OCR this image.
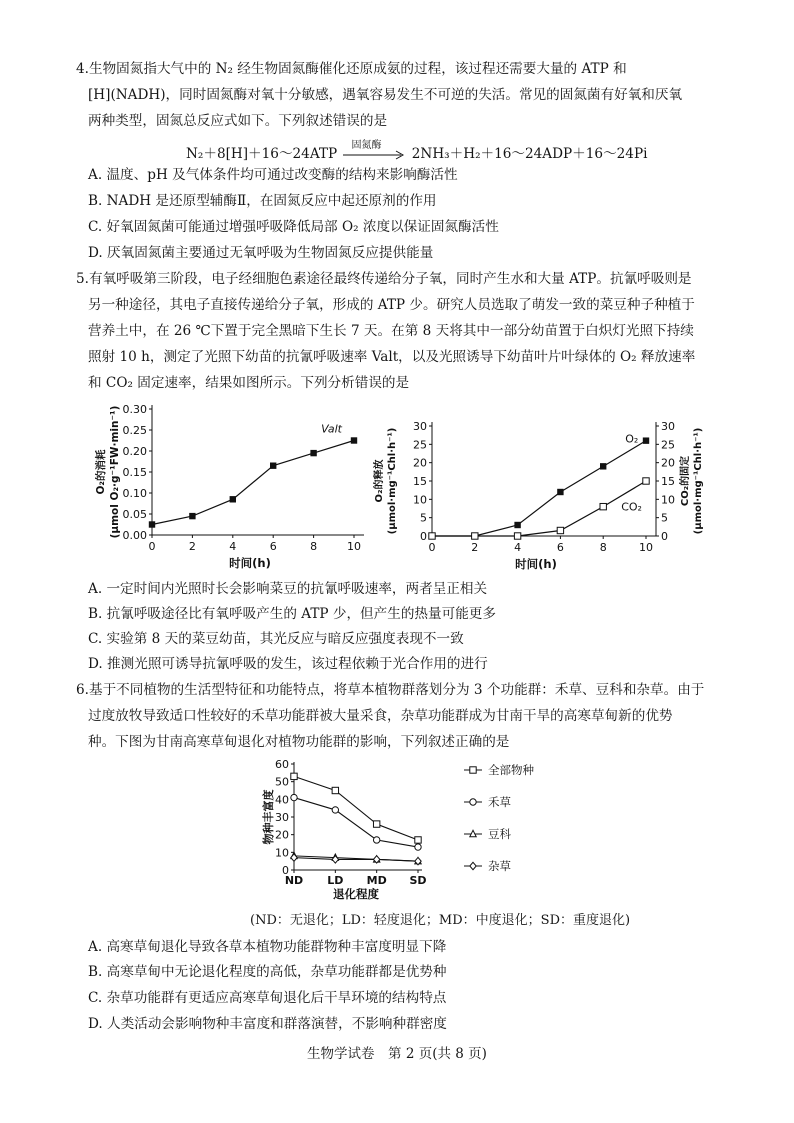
4.生物固氮指大气中的 N₂ 经生物固氮酶催化还原成氨的过程，该过程还需要大量的 ATP 和
[H](NADH)，同时固氮酶对氧十分敏感，遇氧容易发生不可逆的失活。常见的固氮菌有好氧和厌氧
两种类型，固氮总反应式如下。下列叙述错误的是
N₂＋8[H]＋16～24ATP
固氮酶
2NH₃＋H₂＋16～24ADP＋16～24Pi
A. 温度、pH 及气体条件均可通过改变酶的结构来影响酶活性
B. NADH 是还原型辅酶Ⅱ，在固氮反应中起还原剂的作用
C. 好氧固氮菌可能通过增强呼吸降低局部 O₂ 浓度以保证固氮酶活性
D. 厌氧固氮菌主要通过无氧呼吸为生物固氮反应提供能量
5.有氧呼吸第三阶段，电子经细胞色素途径最终传递给分子氧，同时产生水和大量 ATP。抗氰呼吸则是
另一种途径，其电子直接传递给分子氧，形成的 ATP 少。研究人员选取了萌发一致的菜豆种子种植于
营养土中，在 26 ℃下置于完全黑暗下生长 7 天。在第 8 天将其中一部分幼苗置于白炽灯光照下持续
照射 10 h，测定了光照下幼苗的抗氰呼吸速率 Valt，以及光照诱导下幼苗叶片叶绿体的 O₂ 释放速率
和 CO₂ 固定速率，结果如图所示。下列分析错误的是
0.00
0.05
0.10
0.15
0.20
0.25
0.30
0	2	4	6	8	10
时间(h)
O₂的消耗 (μmol O₂·g⁻¹FW·min⁻¹)	Valt
0	0
5	5
10	10
15	15
20	20
25	25
30	30
0	2	4	6	8	10
时间(h)
O₂的释放 (μmol·mg⁻¹Chl·h⁻¹)	CO₂的固定 (μmol·mg⁻¹Chl·h⁻¹)
O₂
CO₂
A. 一定时间内光照时长会影响菜豆的抗氰呼吸速率，两者呈正相关
B. 抗氰呼吸途径比有氧呼吸产生的 ATP 少，但产生的热量可能更多
C. 实验第 8 天的菜豆幼苗，其光反应与暗反应强度表现不一致
D. 推测光照可诱导抗氰呼吸的发生，该过程依赖于光合作用的进行
6.基于不同植物的生活型特征和功能特点，将草本植物群落划分为 3 个功能群：禾草、豆科和杂草。由于
过度放牧导致适口性较好的禾草功能群被大量采食，杂草功能群成为甘南干旱的高寒草甸新的优势
种。下图为甘南高寒草甸退化对植物功能群的影响，下列叙述正确的是
0
10
20
30
40
50
60
ND LD MD SD
退化程度
物种丰富度
全部物种
禾草
豆科
杂草
(ND：无退化；LD：轻度退化；MD：中度退化；SD：重度退化)
A. 高寒草甸退化导致各草本植物功能群物种丰富度明显下降
B. 高寒草甸中无论退化程度的高低，杂草功能群都是优势种
C. 杂草功能群有更适应高寒草甸退化后干旱环境的结构特点
D. 人类活动会影响物种丰富度和群落演替，不影响种群密度
生物学试卷　第 2 页(共 8 页)
